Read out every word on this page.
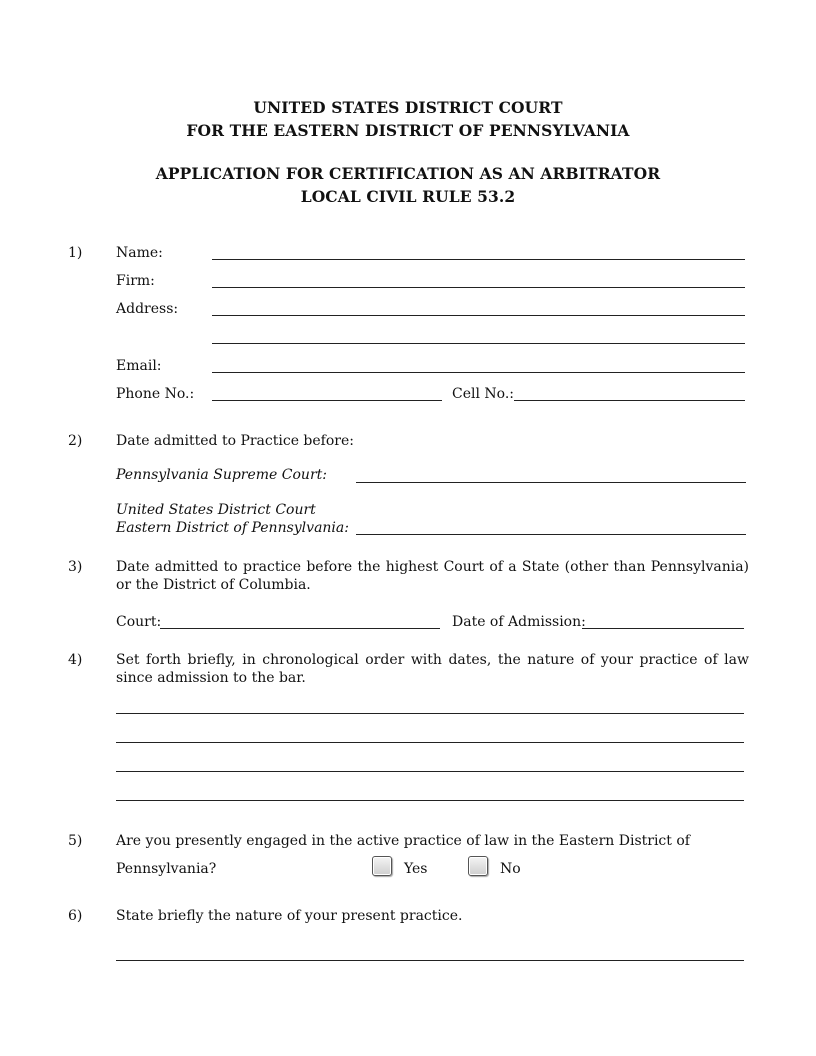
UNITED STATES DISTRICT COURT
FOR THE EASTERN DISTRICT OF PENNSYLVANIA
APPLICATION FOR CERTIFICATION AS AN ARBITRATOR
LOCAL CIVIL RULE 53.2
1) Name:
Firm:
Address:
Email:
Phone No.:	Cell No.:
2) Date admitted to Practice before:
Pennsylvania Supreme Court:
United States District Court
Eastern District of Pennsylvania:
3) Date admitted to practice before the highest Court of a State (other than Pennsylvania) or the District of Columbia.
Court:	Date of Admission:
4) Set forth briefly, in chronological order with dates, the nature of your practice of law since admission to the bar.
5) Are you presently engaged in the active practice of law in the Eastern District of
Pennsylvania?	Yes	No
6) State briefly the nature of your present practice.
